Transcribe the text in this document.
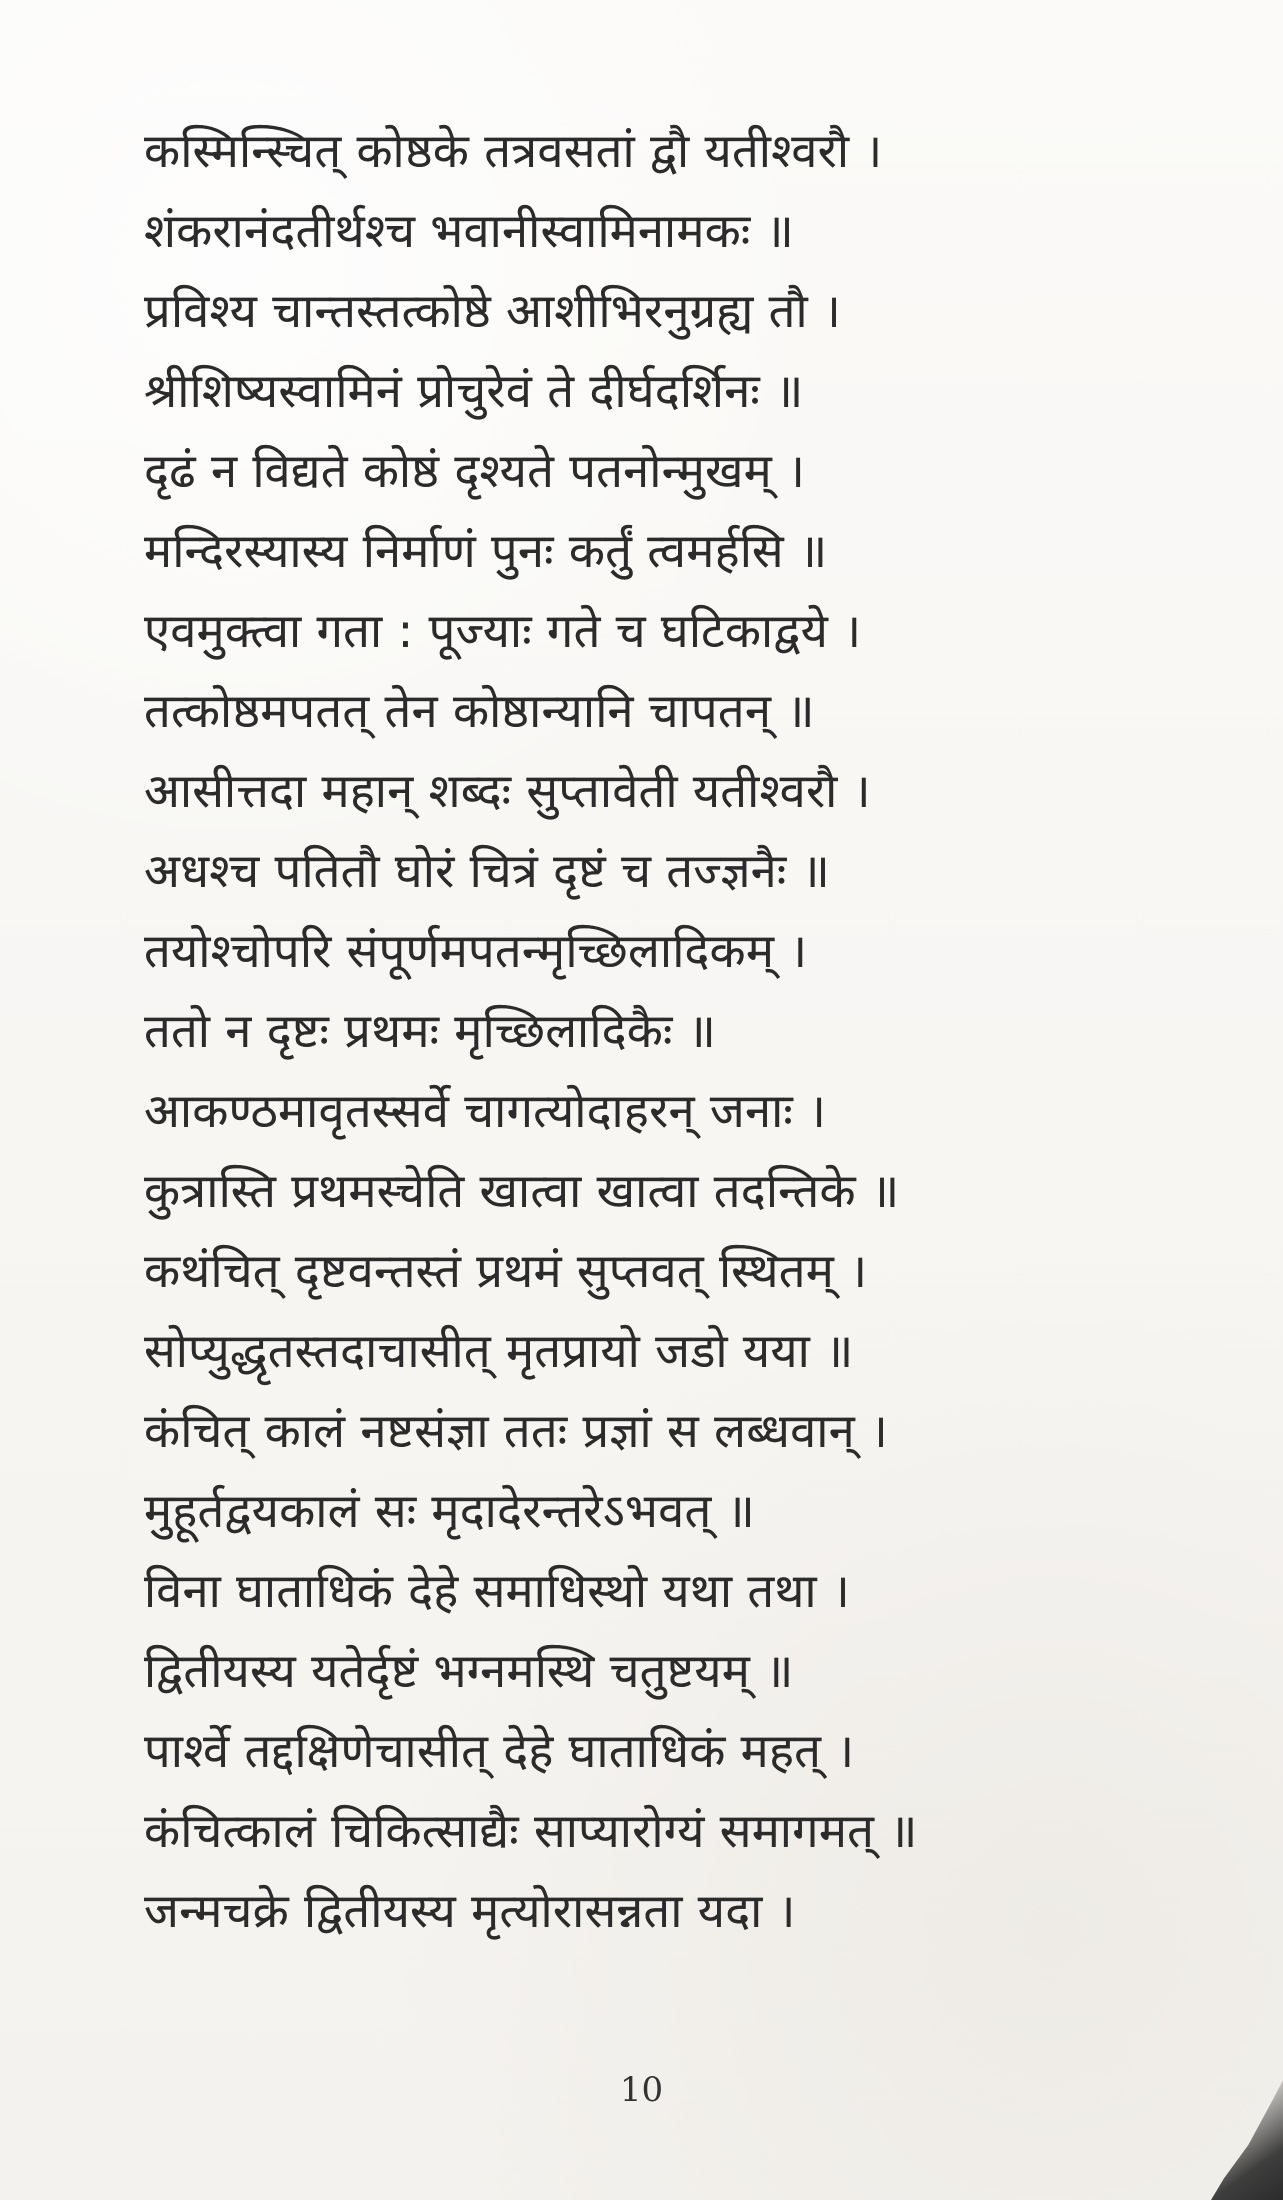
कस्मिन्स्चित् कोष्ठके तत्रवसतां द्वौ यतीश्वरौ ।
शंकरानंदतीर्थश्च भवानीस्वामिनामकः ॥
प्रविश्य चान्तस्तत्कोष्ठे आशीभिरनुग्रह्य तौ ।
श्रीशिष्यस्वामिनं प्रोचुरेवं ते दीर्घदर्शिनः ॥
दृढं न विद्यते कोष्ठं दृश्यते पतनोन्मुखम् ।
मन्दिरस्यास्य निर्माणं पुनः कर्तुं त्वमर्हसि ॥
एवमुक्त्वा गता : पूज्याः गते च घटिकाद्वये ।
तत्कोष्ठमपतत् तेन कोष्ठान्यानि चापतन् ॥
आसीत्तदा महान् शब्दः सुप्तावेती यतीश्वरौ ।
अधश्च पतितौ घोरं चित्रं दृष्टं च तज्ज्ञनैः ॥
तयोश्चोपरि संपूर्णमपतन्मृच्छिलादिकम् ।
ततो न दृष्टः प्रथमः मृच्छिलादिकैः ॥
आकण्ठमावृतस्सर्वे चागत्योदाहरन् जनाः ।
कुत्रास्ति प्रथमस्चेति खात्वा खात्वा तदन्तिके ॥
कथंचित् दृष्टवन्तस्तं प्रथमं सुप्तवत् स्थितम् ।
सोप्युद्धृतस्तदाचासीत् मृतप्रायो जडो यया ॥
कंचित् कालं नष्टसंज्ञा ततः प्रज्ञां स लब्धवान् ।
मुहूर्तद्वयकालं सः मृदादेरन्तरेऽभवत् ॥
विना घाताधिकं देहे समाधिस्थो यथा तथा ।
द्वितीयस्य यतेर्दृष्टं भग्नमस्थि चतुष्टयम् ॥
पार्श्वे तद्दक्षिणेचासीत् देहे घाताधिकं महत् ।
कंचित्कालं चिकित्साद्यैः साप्यारोग्यं समागमत् ॥
जन्मचक्रे द्वितीयस्य मृत्योरासन्नता यदा ।
10
